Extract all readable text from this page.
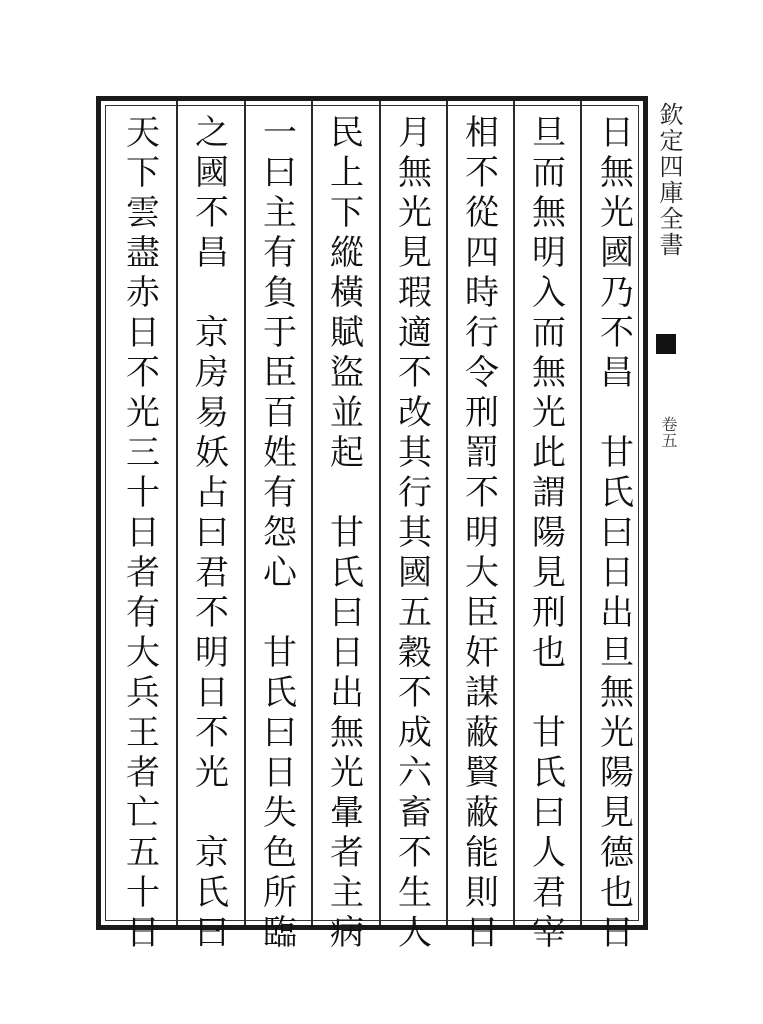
日
無
光
國
乃
不
昌

甘
氏
曰
日
出
旦
無
光
陽
見
德
也
日
旦
而
無
明
入
而
無
光
此
謂
陽
見
刑
也

甘
氏
曰
人
君
宰
相
不
從
四
時
行
令
刑
罰
不
明
大
臣
奸
謀
蔽
賢
蔽
能
則
日
月
無
光
見
瑕
適
不
改
其
行
其
國
五
穀
不
成
六
畜
不
生
人
民
上
下
縱
橫
賦
盜
並
起

甘
氏
曰
日
出
無
光
暈
者
主
病
一
曰
主
有
負
于
臣
百
姓
有
怨
心

甘
氏
曰
日
失
色
所
臨
之
國
不
昌

京
房
易
妖
占
曰
君
不
明
日
不
光

京
氏
曰
天
下
雲
盡
赤
日
不
光
三
十
日
者
有
大
兵
王
者
亡
五
十
日
欽定四庫全書
卷五
